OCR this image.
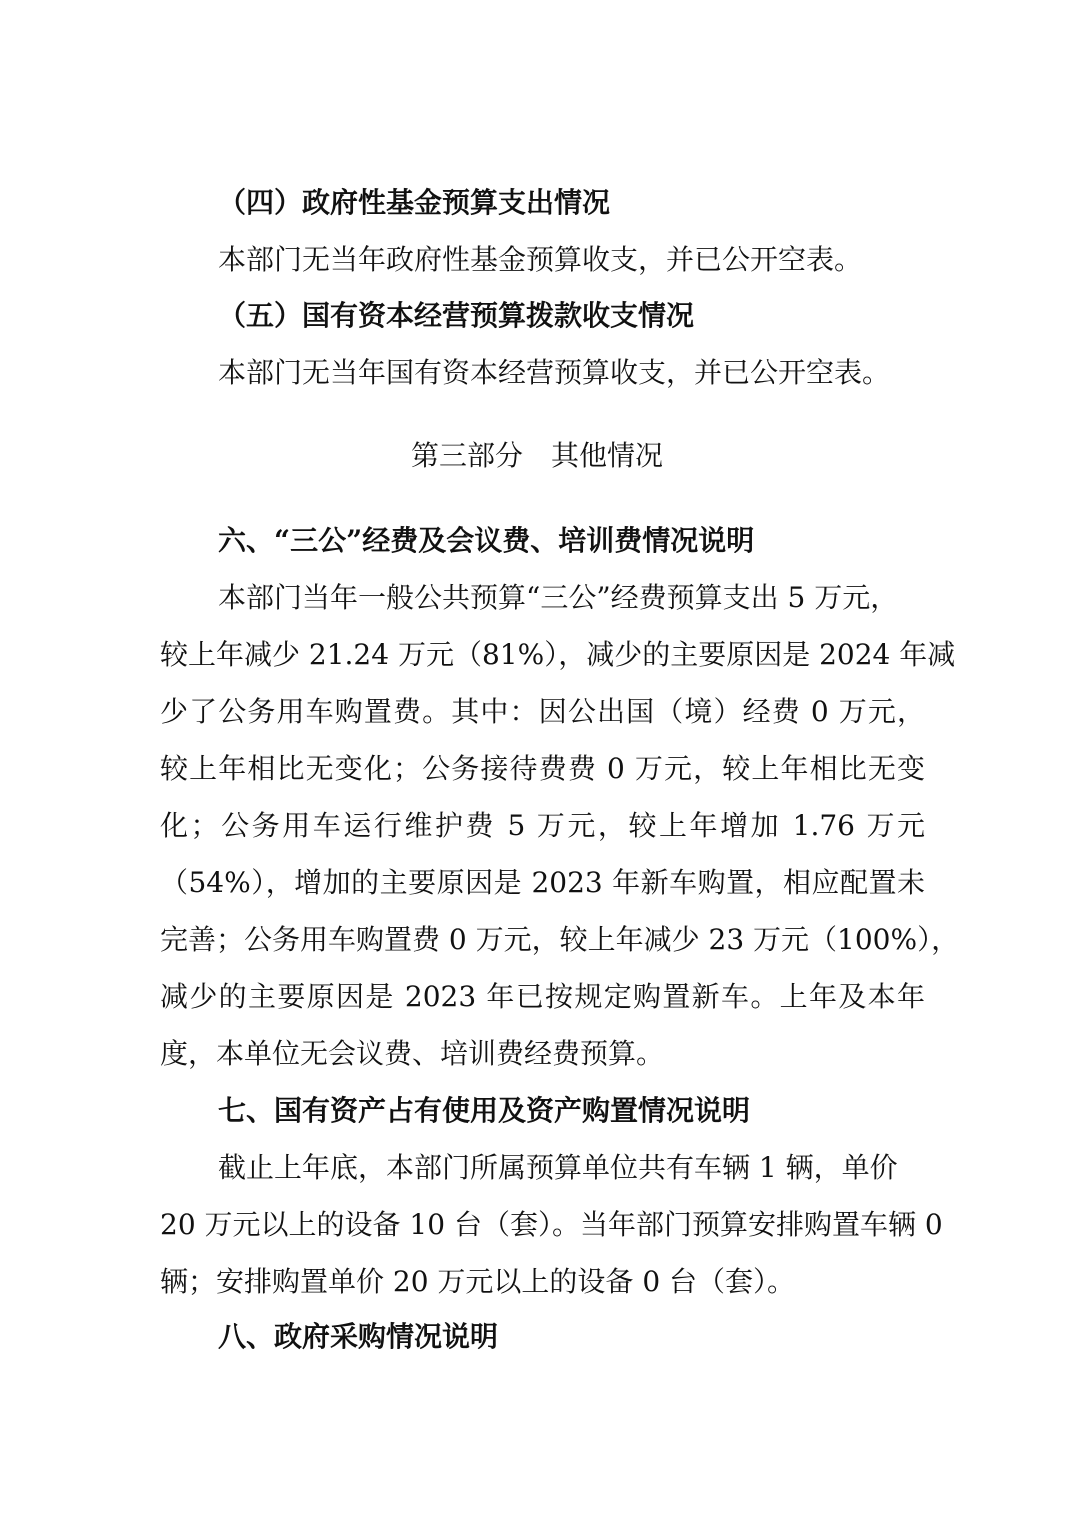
（四）政府性基金预算支出情况
本部门无当年政府性基金预算收支，并已公开空表。
（五）国有资本经营预算拨款收支情况
本部门无当年国有资本经营预算收支，并已公开空表。
第三部分　其他情况
六、“三公”经费及会议费、培训费情况说明
本部门当年一般公共预算“三公”经费预算支出 5 万元，
较上年减少 21.24 万元（81%），减少的主要原因是 2024 年减
少了公务用车购置费。其中：因公出国（境）经费 0 万元，
较上年相比无变化；公务接待费费 0 万元，较上年相比无变
化；公务用车运行维护费 5 万元，较上年增加 1.76 万元
（54%），增加的主要原因是 2023 年新车购置，相应配置未
完善；公务用车购置费 0 万元，较上年减少 23 万元（100%），
减少的主要原因是 2023 年已按规定购置新车。上年及本年
度，本单位无会议费、培训费经费预算。
七、国有资产占有使用及资产购置情况说明
截止上年底，本部门所属预算单位共有车辆 1 辆，单价
20 万元以上的设备 10 台（套）。当年部门预算安排购置车辆 0
辆；安排购置单价 20 万元以上的设备 0 台（套）。
八、政府采购情况说明
